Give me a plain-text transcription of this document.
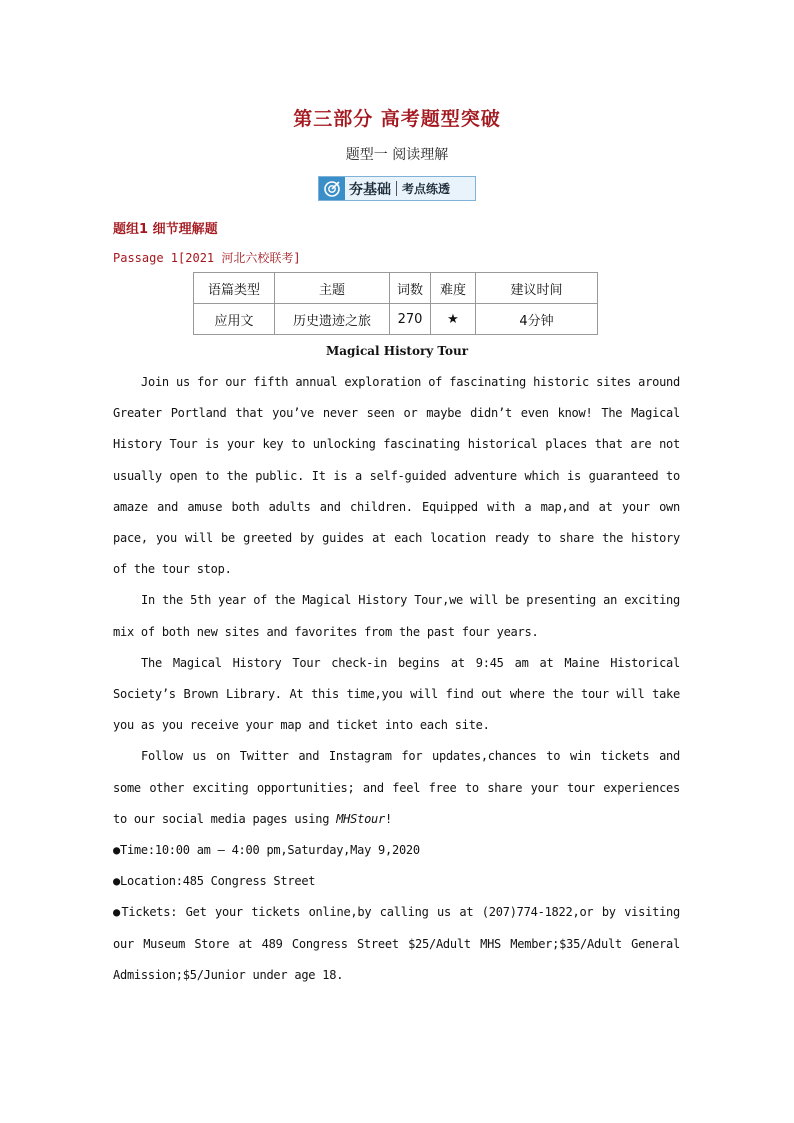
第三部分 高考题型突破
题型一 阅读理解
夯基础 考点练透
题组1 细节理解题
Passage 1[2021 河北六校联考]
语篇类型	主题	词数	难度	建议时间
应用文	历史遗迹之旅	270	★	4分钟
Magical History Tour

Join us for our fifth annual exploration of fascinating historic sites around Greater Portland that you’ve never seen or maybe didn’t even know! The Magical History Tour is your key to unlocking fascinating historical places that are not usually open to the public. It is a self-guided adventure which is guaranteed to amaze and amuse both adults and children. Equipped with a map,and at your own pace, you will be greeted by guides at each location ready to share the history of the tour stop.

In the 5th year of the Magical History Tour,we will be presenting an exciting mix of both new sites and favorites from the past four years.

The Magical History Tour check-in begins at 9:45 am at Maine Historical Society’s Brown Library. At this time,you will find out where the tour will take you as you receive your map and ticket into each site.

Follow us on Twitter and Instagram for updates,chances to win tickets and some other exciting opportunities; and feel free to share your tour experiences to our social media pages using MHStour!

●Time:10:00 am — 4:00 pm,Saturday,May 9,2020

●Location:485 Congress Street

●Tickets: Get your tickets online,by calling us at (207)774-1822,or by visiting our Museum Store at 489 Congress Street $25/Adult MHS Member;$35/Adult General Admission;$5/Junior under age 18.
